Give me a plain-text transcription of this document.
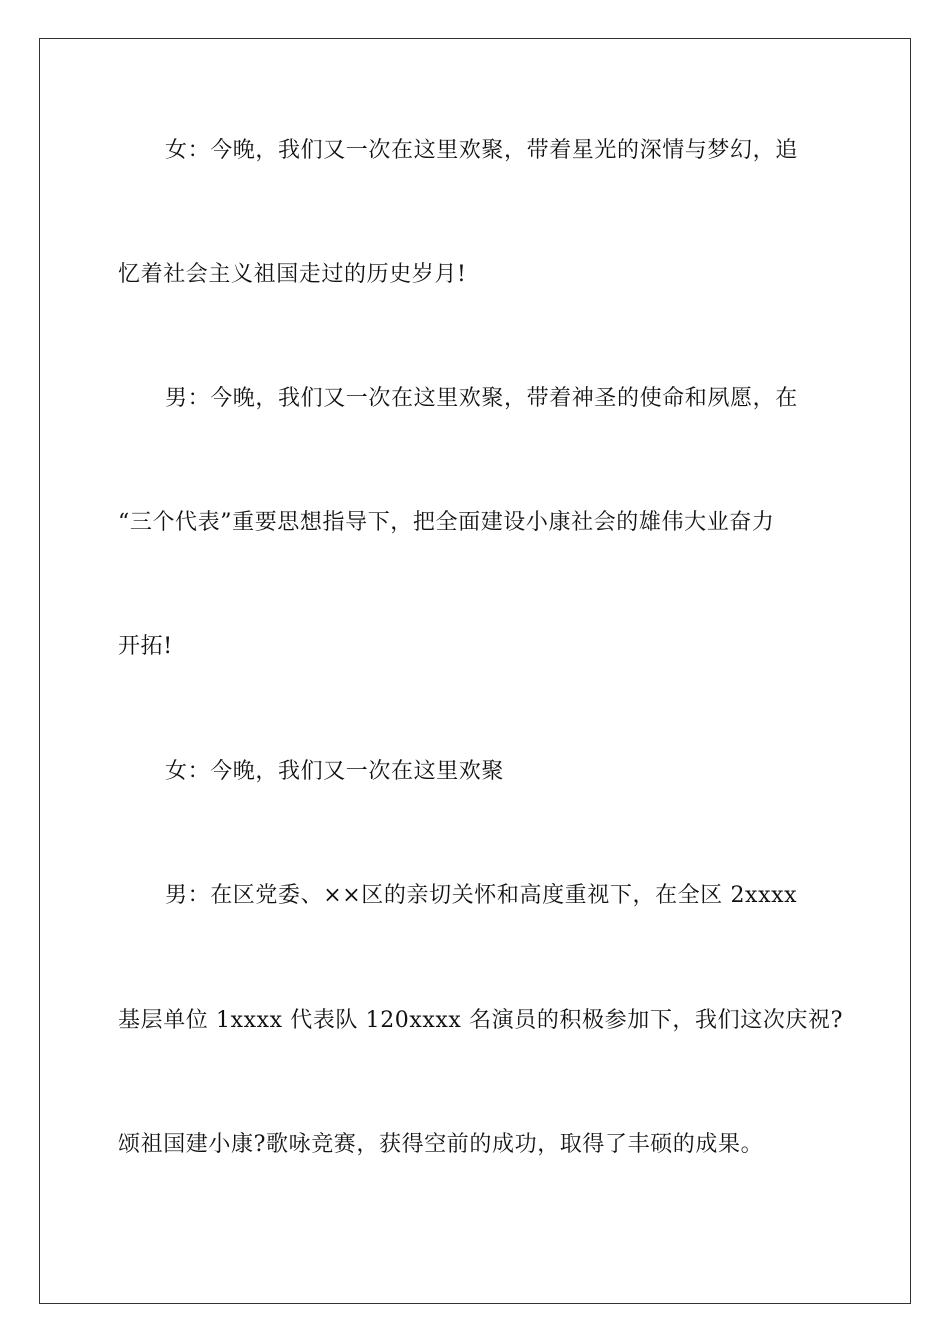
女：今晚，我们又一次在这里欢聚，带着星光的深情与梦幻，追
忆着社会主义祖国走过的历史岁月!
男：今晚，我们又一次在这里欢聚，带着神圣的使命和夙愿，在
“三个代表”重要思想指导下，把全面建设小康社会的雄伟大业奋力
开拓!
女：今晚，我们又一次在这里欢聚
男：在区党委、××区的亲切关怀和高度重视下，在全区 2xxxx
基层单位 1xxxx 代表队 120xxxx 名演员的积极参加下，我们这次庆祝?
颂祖国建小康?歌咏竞赛，获得空前的成功，取得了丰硕的成果。
